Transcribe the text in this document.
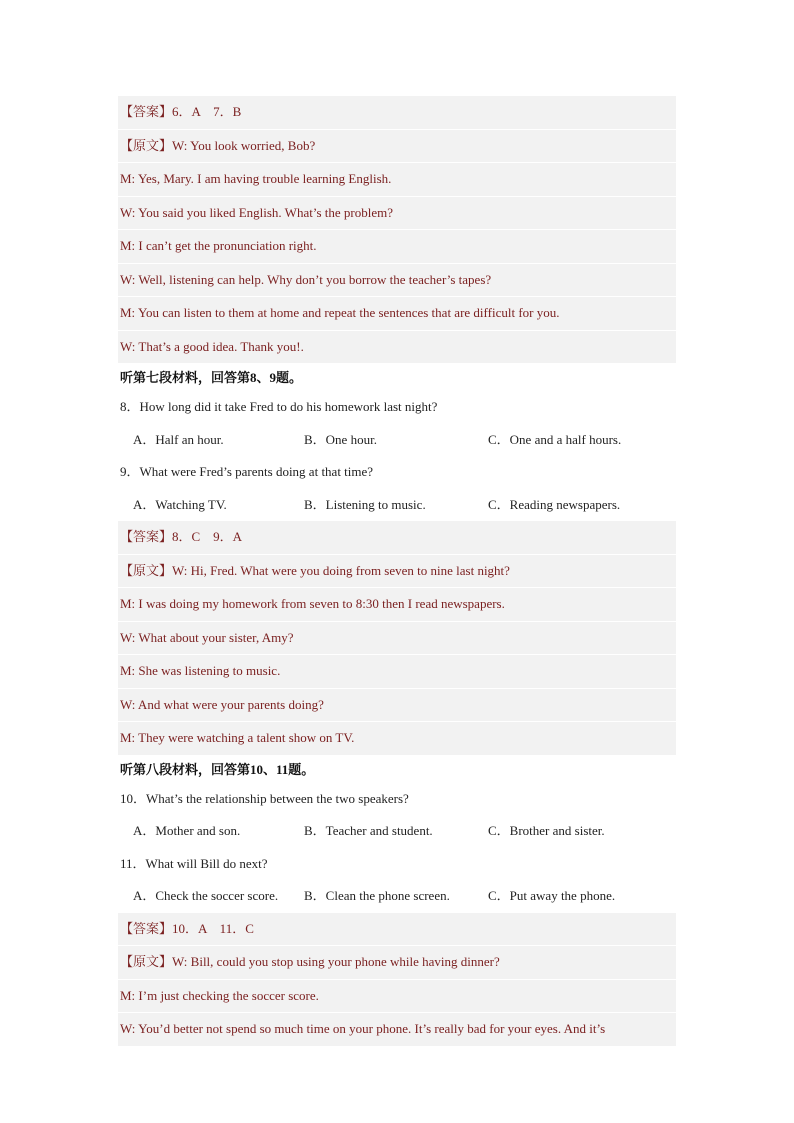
【答案】6．A　7．B
【原文】W: You look worried, Bob?
M: Yes, Mary. I am having trouble learning English.
W: You said you liked English. What’s the problem?
M: I can’t get the pronunciation right.
W: Well, listening can help. Why don’t you borrow the teacher’s tapes?
M: You can listen to them at home and repeat the sentences that are difficult for you.
W: That’s a good idea. Thank you!.
听第七段材料，回答第8、9题。
8．How long did it take Fred to do his homework last night?
A．Half an hour.	B．One hour.	C．One and a half hours.
9．What were Fred’s parents doing at that time?
A．Watching TV.	B．Listening to music.	C．Reading newspapers.
【答案】8．C　9．A
【原文】W: Hi, Fred. What were you doing from seven to nine last night?
M: I was doing my homework from seven to 8:30 then I read newspapers.
W: What about your sister, Amy?
M: She was listening to music.
W: And what were your parents doing?
M: They were watching a talent show on TV.
听第八段材料，回答第10、11题。
10．What’s the relationship between the two speakers?
A．Mother and son.	B．Teacher and student.	C．Brother and sister.
11．What will Bill do next?
A．Check the soccer score. B．Clean the phone screen.	C．Put away the phone.
【答案】10．A　11．C
【原文】W: Bill, could you stop using your phone while having dinner?
M: I’m just checking the soccer score.
W: You’d better not spend so much time on your phone. It’s really bad for your eyes. And it’s
